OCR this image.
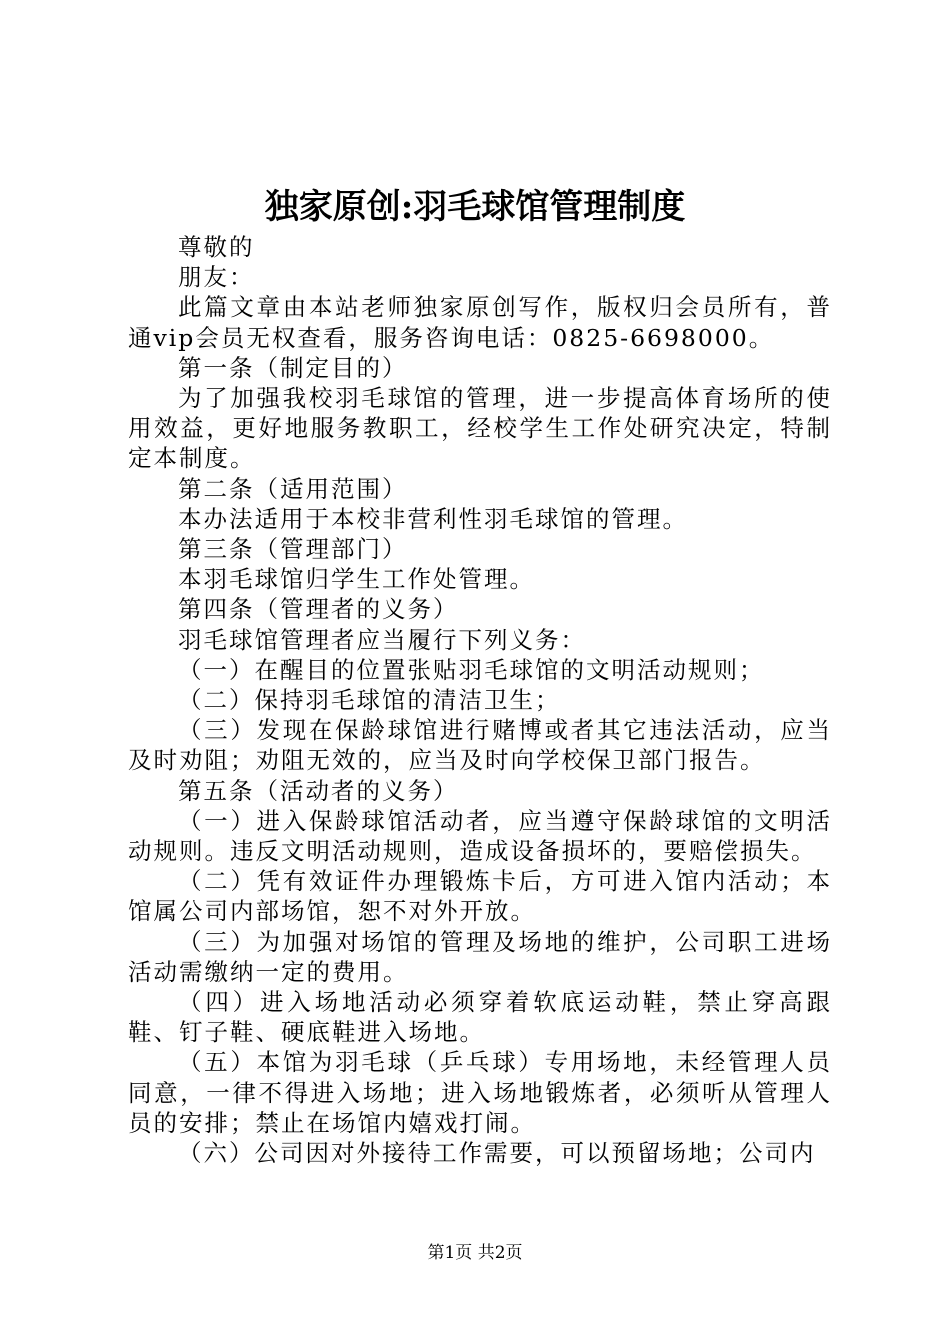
独家原创:羽毛球馆管理制度

尊敬的

朋友：

此篇文章由本站老师独家原创写作，版权归会员所有，普通vip会员无权查看，服务咨询电话：0825-6698000。

第一条（制定目的）

为了加强我校羽毛球馆的管理，进一步提高体育场所的使用效益，更好地服务教职工，经校学生工作处研究决定，特制定本制度。

第二条（适用范围）

本办法适用于本校非营利性羽毛球馆的管理。

第三条（管理部门）

本羽毛球馆归学生工作处管理。

第四条（管理者的义务）

羽毛球馆管理者应当履行下列义务：

（一）在醒目的位置张贴羽毛球馆的文明活动规则；

（二）保持羽毛球馆的清洁卫生；

（三）发现在保龄球馆进行赌博或者其它违法活动，应当及时劝阻；劝阻无效的，应当及时向学校保卫部门报告。

第五条（活动者的义务）

（一）进入保龄球馆活动者，应当遵守保龄球馆的文明活动规则。违反文明活动规则，造成设备损坏的，要赔偿损失。

（二）凭有效证件办理锻炼卡后，方可进入馆内活动；本馆属公司内部场馆，恕不对外开放。

（三）为加强对场馆的管理及场地的维护，公司职工进场活动需缴纳一定的费用。

（四）进入场地活动必须穿着软底运动鞋，禁止穿高跟鞋、钉子鞋、硬底鞋进入场地。

（五）本馆为羽毛球（乒乓球）专用场地，未经管理人员同意，一律不得进入场地；进入场地锻炼者，必须听从管理人员的安排；禁止在场馆内嬉戏打闹。

（六）公司因对外接待工作需要，可以预留场地；公司内

第1页 共2页
